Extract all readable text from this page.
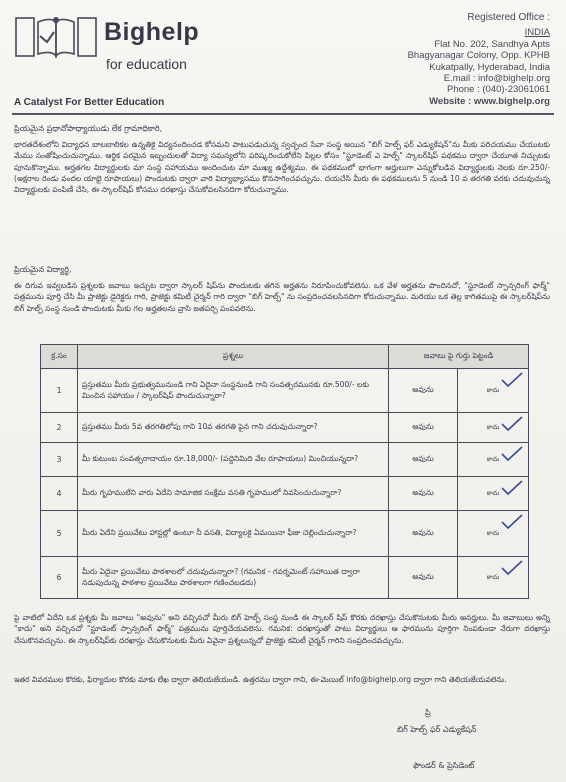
Bighelp
for education
A Catalyst For Better Education
Registered Office :
INDIA
Flat No. 202, Sandhya Apts
Bhagyanagar Colony, Opp. KPHB
Kukatpally, Hyderabad, India
E.mail : info@bighelp.org
Phone : (040)-23061061
Website : www.bighelp.org
ప్రియమైన ప్రధానోపాధ్యాయుడు లేక గ్రామాధికారి,
భారతదేశంలోని విద్యాధన బాలబాలికల ఉన్నతికై విద్యనందించడ కోసమని పాటుపడుచున్న స్వచ్ఛంద సేవా సంస్థ అయిన "బిగ్ హెల్ప్ ఫర్ ఎడ్యుకేషన్"ను మీకు పరిచయము చేయుటకు మేము సంతోషించుచున్నాము. ఆర్థిక పరమైన ఇబ్బందులతో విద్యా సమస్యలోని పరిష్కరించుకోలేని పిల్లల కోసం "స్టూడెంట్ ఎ హెల్ప్" స్కాలర్‌షిప్ పథకము ద్వారా చేయూత నిచ్చుటకు పూనుకొన్నాము. అర్హతగల విద్యార్థులకు మా సంస్థ సహాయము అందించుట మా ముఖ్య ఉద్దేశ్యము. ఈ పథకములో భాగంగా అర్హులుగా ఎన్నుకోబడిన విద్యార్థులకు నెలకు రూ.250/- (అక్షరాల రెండు వందల యాభై రూపాయలు) పొందుటకు ద్వారా వారి విద్యాభ్యాసము కొనసాగించవచ్చును. దయచేసి మీరు ఈ పథకములను 5 నుండి 10 వ తరగతి వరకు చదువుచున్న విద్యార్థులకు పంపిణీ చేసి, ఈ స్కాలర్‌షిప్ కోసము దరఖాస్తు చేసుకోవలసినదిగా కోరుచున్నాము.
ప్రియమైన విద్యార్థి,
ఈ దిగువ ఇవ్వబడిన ప్రశ్నలకు జవాబు ఇచ్చుట ద్వారా స్కాలర్ షిప్‌ను పొందుటకు తగిన అర్హతను నిరూపించుకోవలెను. ఒక వేళ అర్హతను పొందినచో, "స్టూడెంట్ స్పాన్సరింగ్ ఫార్మ్" పత్రమును పూర్తి చేసి మీ ప్రాజెక్టు డైరెక్టరు గారి, ప్రాజెక్టు కమిటీ చైర్మన్ గారి ద్వారా "బిగ్ హెల్ప్" ను సంప్రదించవలసినదిగా కోరుచున్నాము. మరియు ఒక తెల్ల కాగితముపై ఈ స్కాలర్‌షిప్‌ను బిగ్ హెల్ప్ సంస్థ నుండి పొందుటకు మీకు గల అర్హతలను వ్రాసి జతపర్చి పంపవలెను.
క్ర.సం	ప్రశ్నలు	జవాబు పై గుర్తు పెట్టండి	
1	ప్రస్తుతము మీరు ప్రభుత్వమునుండి గాని ఏదైనా సంస్థనుండి గాని సంవత్సరమునకు రూ.500/- లకు మించిన సహాయం / స్కాలర్‌షిప్ పొందుచున్నారా?	అవును	కాదు

2	ప్రస్తుతము మీరు 5వ తరగతిలోపు గాని 10వ తరగతి పైన గాని చదువుచున్నారా?	అవును	కాదు

3	మీ కుటుంబ సంవత్సరాదాయం రూ.18,000/- (పద్దెనిమిది వేల రూపాయలు) మించియున్నదా?	అవును	కాదు

4	మీరు గృహములేని వారు ఏదేని సామాజిక సంక్షేమ వసతి గృహములో నివసించుచున్నారా?	అవును	కాదు

5	మీరు ఏదేని ప్రయివేటు హాస్టల్లో ఉంటూ నీ వసతి, విద్యాలకై ఏమయినా ఫీజు చెల్లించుచున్నారా?	అవును	కాదు

6	మీరు ఏదైనా ప్రయివేటు పాఠశాలలో చదువుచున్నారా? (గమనిక - గవర్నమెంట్ సహాయిత ద్వారా నడుపుచున్న పాఠశాల ప్రయివేటు పాఠశాలగా గణించబడదు)	అవును	కాదు
పై వాటిలో ఏదేని ఒక ప్రశ్నకు మీ జవాబు "అవును" అని వచ్చినచో మీరు బిగ్ హెల్ప్ సంస్థ నుండి ఈ స్కాలర్ షిప్ కొరకు దరఖాస్తు చేసుకొనుటకు మీరు అనర్హులు. మీ జవాబులు అన్ని "కాదు" అని వచ్చినచో "స్టూడెంట్ స్పాన్సరింగ్ ఫార్మ్" పత్రమును పూర్తిచేయవలెను. గమనిక: దరఖాస్తుతో పాటు విద్యార్థులు ఆ ఫారమును పూర్తిగా నింపకుండా నేరుగా దరఖాస్తు చేసుకొనవచ్చును. ఈ స్కాలర్‌షిప్‌కు దరఖాస్తు చేసుకొనుటకు మీరు ఏవైనా ప్రశ్నలున్నచో ప్రాజెక్టు కమిటీ చైర్మన్ గారిని సంప్రదించవచ్చును.
ఇతర వివరముల కొరకు, ఫిర్యాదుల కొరకు మాకు లేఖ ద్వారా తెలియజేయండి. ఉత్తరము ద్వారా గాని, ఈ-మెయిల్ info@bighelp.org ద్వారా గాని తెలియజేయవలెను.
ప్రి
బిగ్ హెల్ప్ ఫర్ ఎడ్యుకేషన్
ఫౌండర్ & ప్రెసిడెంట్
